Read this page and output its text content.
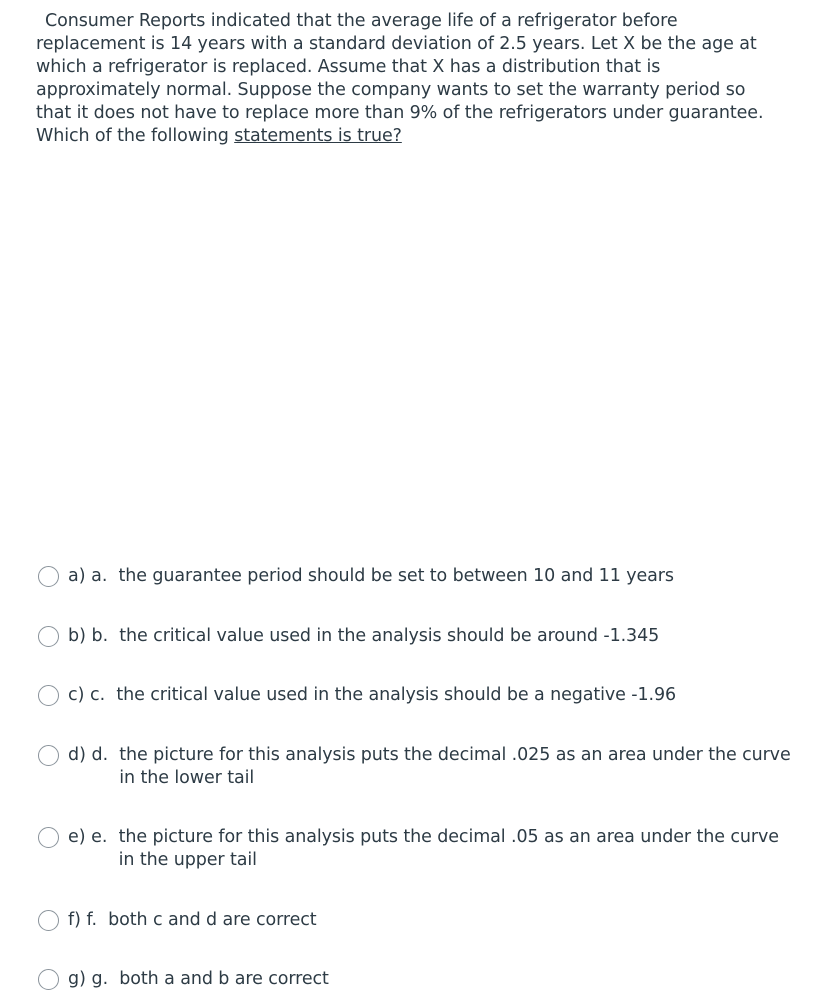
Consumer Reports indicated that the average life of a refrigerator before replacement is 14 years with a standard deviation of 2.5 years. Let X be the age at which a refrigerator is replaced. Assume that X has a distribution that is approximately normal. Suppose the company wants to set the warranty period so that it does not have to replace more than 9% of the refrigerators under guarantee. Which of the following statements is true?
a) a. the guarantee period should be set to between 10 and 11 years
b) b. the critical value used in the analysis should be around -1.345
c) c. the critical value used in the analysis should be a negative -1.96
d) d. the picture for this analysis puts the decimal .025 as an area under the curve in the lower tail
e) e. the picture for this analysis puts the decimal .05 as an area under the curve in the upper tail
f) f. both c and d are correct
g) g. both a and b are correct
